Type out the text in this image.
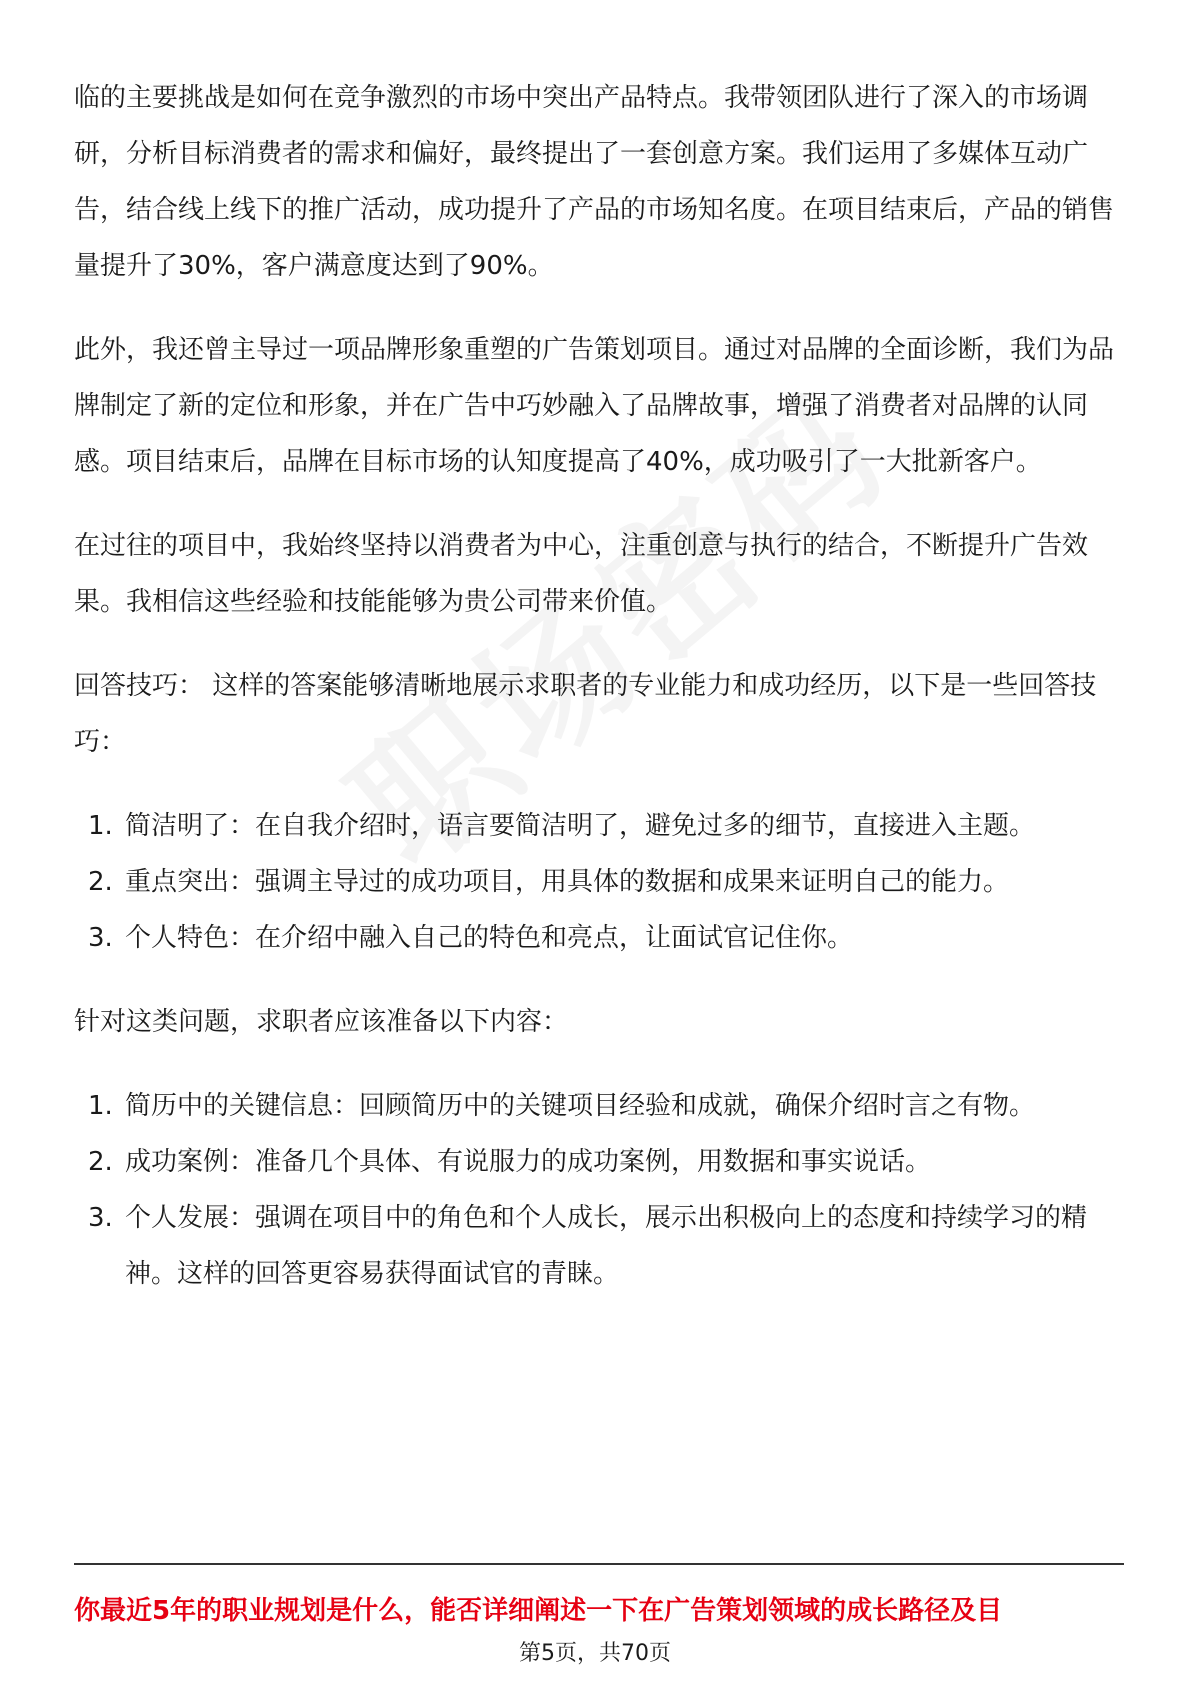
临的主要挑战是如何在竞争激烈的市场中突出产品特点。我带领团队进行了深入的市场调研，分析目标消费者的需求和偏好，最终提出了一套创意方案。我们运用了多媒体互动广告，结合线上线下的推广活动，成功提升了产品的市场知名度。在项目结束后，产品的销售量提升了30%，客户满意度达到了90%。

此外，我还曾主导过一项品牌形象重塑的广告策划项目。通过对品牌的全面诊断，我们为品牌制定了新的定位和形象，并在广告中巧妙融入了品牌故事，增强了消费者对品牌的认同感。项目结束后，品牌在目标市场的认知度提高了40%，成功吸引了一大批新客户。

在过往的项目中，我始终坚持以消费者为中心，注重创意与执行的结合，不断提升广告效果。我相信这些经验和技能能够为贵公司带来价值。

回答技巧： 这样的答案能够清晰地展示求职者的专业能力和成功经历，以下是一些回答技巧：

1. 简洁明了：在自我介绍时，语言要简洁明了，避免过多的细节，直接进入主题。
2. 重点突出：强调主导过的成功项目，用具体的数据和成果来证明自己的能力。
3. 个人特色：在介绍中融入自己的特色和亮点，让面试官记住你。

针对这类问题，求职者应该准备以下内容：

1. 简历中的关键信息：回顾简历中的关键项目经验和成就，确保介绍时言之有物。
2. 成功案例：准备几个具体、有说服力的成功案例，用数据和事实说话。
3. 个人发展：强调在项目中的角色和个人成长，展示出积极向上的态度和持续学习的精神。这样的回答更容易获得面试官的青睐。
你最近5年的职业规划是什么，能否详细阐述一下在广告策划领域的成长路径及目
第5页，共70页
